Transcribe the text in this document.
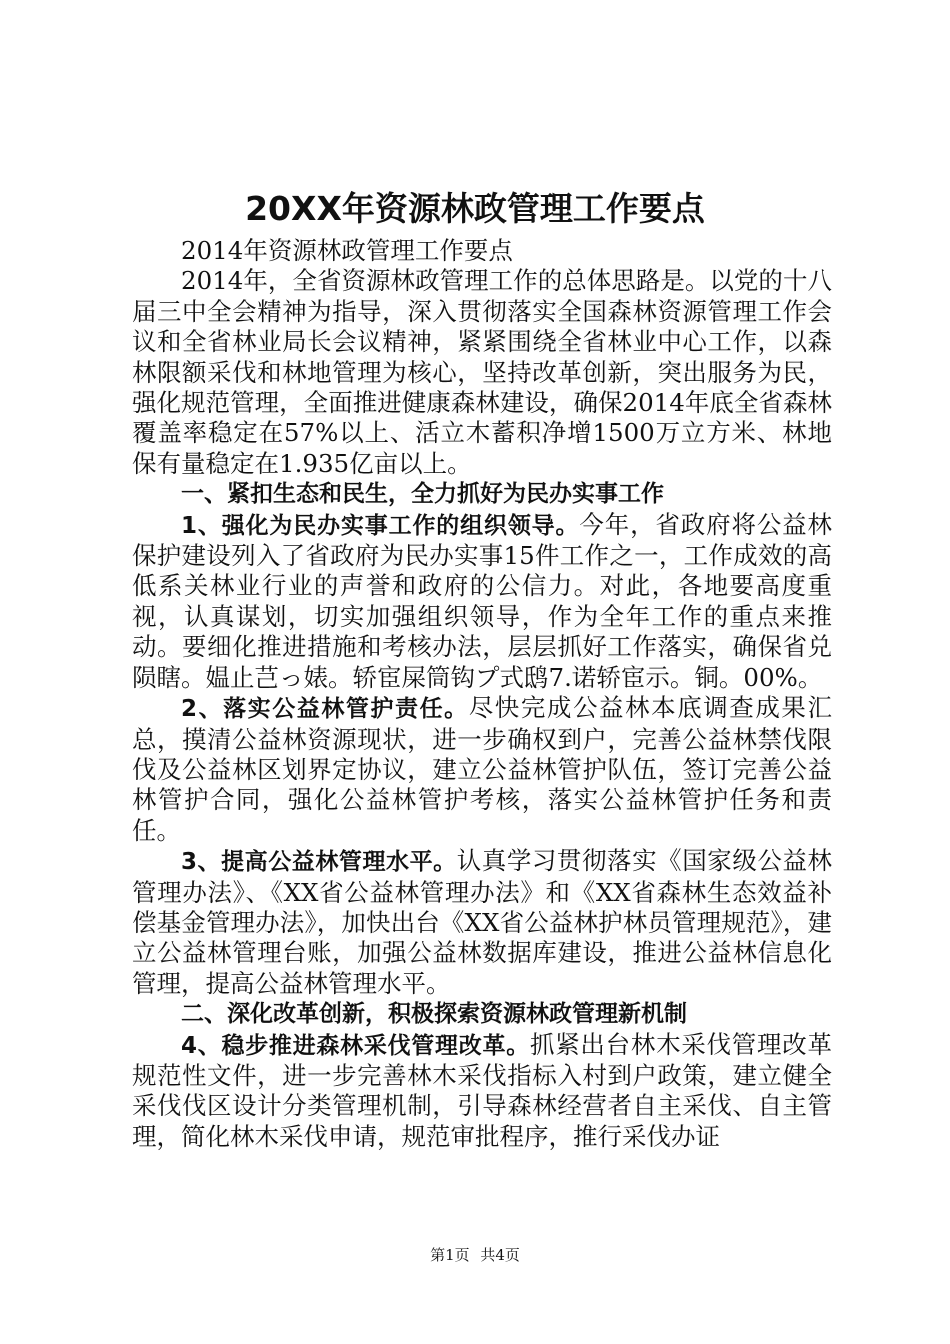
20XX年资源林政管理工作要点

2014年资源林政管理工作要点

2014年，全省资源林政管理工作的总体思路是。以党的十八届三中全会精神为指导，深入贯彻落实全国森林资源管理工作会议和全省林业局长会议精神，紧紧围绕全省林业中心工作，以森林限额采伐和林地管理为核心，坚持改革创新，突出服务为民，强化规范管理，全面推进健康森林建设，确保2014年底全省森林覆盖率稳定在57%以上、活立木蓄积净增1500万立方米、林地保有量稳定在1.935亿亩以上。

一、紧扣生态和民生，全力抓好为民办实事工作

1、强化为民办实事工作的组织领导。今年，省政府将公益林保护建设列入了省政府为民办实事15件工作之一，工作成效的高低系关林业行业的声誉和政府的公信力。对此，各地要高度重视，认真谋划，切实加强组织领导，作为全年工作的重点来推动。要细化推进措施和考核办法，层层抓好工作落实，确保省兑陨瞎。媪止芑っ婊。轿宦屎筒钩プ式鸱7.诺轿宦示。铜。00%。

2、落实公益林管护责任。尽快完成公益林本底调查成果汇总，摸清公益林资源现状，进一步确权到户，完善公益林禁伐限伐及公益林区划界定协议，建立公益林管护队伍，签订完善公益林管护合同，强化公益林管护考核，落实公益林管护任务和责任。

3、提高公益林管理水平。认真学习贯彻落实《国家级公益林管理办法》、《XX省公益林管理办法》和《XX省森林生态效益补偿基金管理办法》，加快出台《XX省公益林护林员管理规范》，建立公益林管理台账，加强公益林数据库建设，推进公益林信息化管理，提高公益林管理水平。

二、深化改革创新，积极探索资源林政管理新机制

4、稳步推进森林采伐管理改革。抓紧出台林木采伐管理改革规范性文件，进一步完善林木采伐指标入村到户政策，建立健全采伐伐区设计分类管理机制，引导森林经营者自主采伐、自主管理，简化林木采伐申请，规范审批程序，推行采伐办证

第1页 共4页
